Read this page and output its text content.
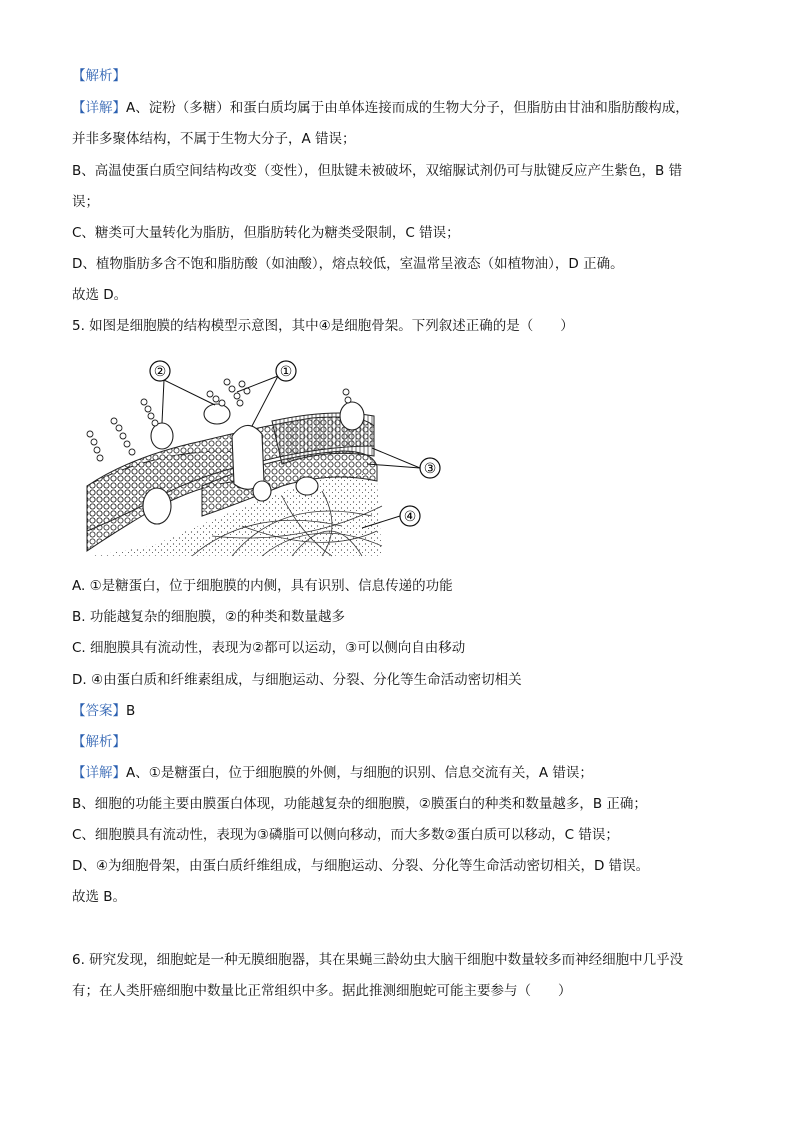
【解析】
【详解】A、淀粉（多糖）和蛋白质均属于由单体连接而成的生物大分子，但脂肪由甘油和脂肪酸构成，
并非多聚体结构，不属于生物大分子，A 错误；
B、高温使蛋白质空间结构改变（变性），但肽键未被破坏，双缩脲试剂仍可与肽键反应产生紫色，B 错
误；
C、糖类可大量转化为脂肪，但脂肪转化为糖类受限制，C 错误；
D、植物脂肪多含不饱和脂肪酸（如油酸），熔点较低，室温常呈液态（如植物油），D 正确。
故选 D。
5. 如图是细胞膜的结构模型示意图，其中④是细胞骨架。下列叙述正确的是（　　）
②	①
③
④
A. ①是糖蛋白，位于细胞膜的内侧，具有识别、信息传递的功能
B. 功能越复杂的细胞膜，②的种类和数量越多
C. 细胞膜具有流动性，表现为②都可以运动，③可以侧向自由移动
D. ④由蛋白质和纤维素组成，与细胞运动、分裂、分化等生命活动密切相关
【答案】B
【解析】
【详解】A、①是糖蛋白，位于细胞膜的外侧，与细胞的识别、信息交流有关，A 错误；
B、细胞的功能主要由膜蛋白体现，功能越复杂的细胞膜，②膜蛋白的种类和数量越多，B 正确；
C、细胞膜具有流动性，表现为③磷脂可以侧向移动，而大多数②蛋白质可以移动，C 错误；
D、④为细胞骨架，由蛋白质纤维组成，与细胞运动、分裂、分化等生命活动密切相关，D 错误。
故选 B。
6. 研究发现，细胞蛇是一种无膜细胞器，其在果蝇三龄幼虫大脑干细胞中数量较多而神经细胞中几乎没
有；在人类肝癌细胞中数量比正常组织中多。据此推测细胞蛇可能主要参与（　　）
